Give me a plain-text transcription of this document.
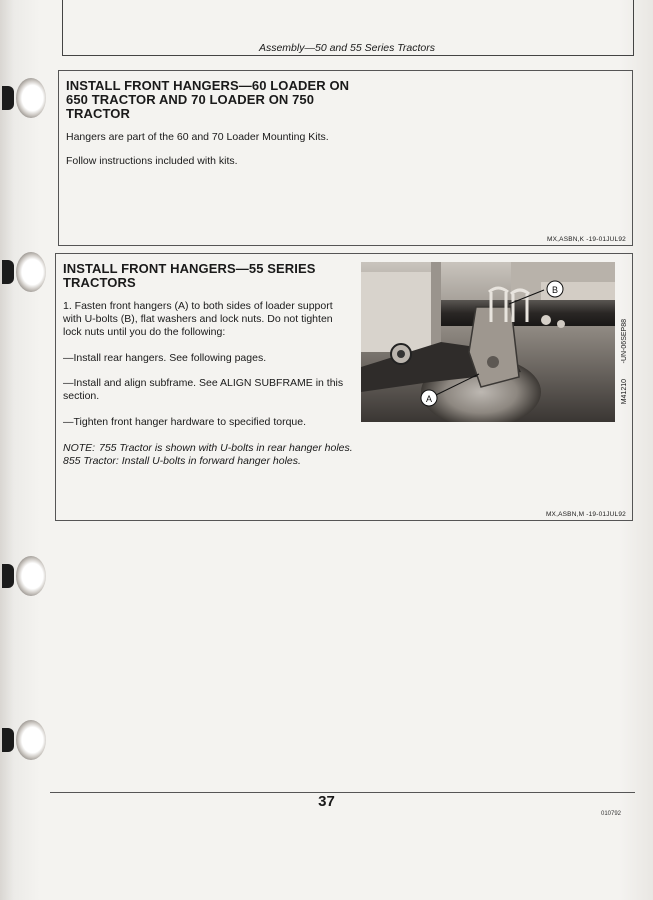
Assembly—50 and 55 Series Tractors
INSTALL FRONT HANGERS—60 LOADER ON 650 TRACTOR AND 70 LOADER ON 750 TRACTOR

Hangers are part of the 60 and 70 Loader Mounting Kits.

Follow instructions included with kits.

MX,ASBN,K -19-01JUL92
INSTALL FRONT HANGERS—55 SERIES TRACTORS

1. Fasten front hangers (A) to both sides of loader support with U-bolts (B), flat washers and lock nuts. Do not tighten lock nuts until you do the following:

—Install rear hangers. See following pages.

—Install and align subframe. See ALIGN SUBFRAME in this section.

—Tighten front hanger hardware to specified torque.

NOTE: 755 Tractor is shown with U-bolts in rear hanger holes. 855 Tractor: Install U-bolts in forward hanger holes.
B
A
-UN-06SEP88
M41210
MX,ASBN,M -19-01JUL92
37
010792
